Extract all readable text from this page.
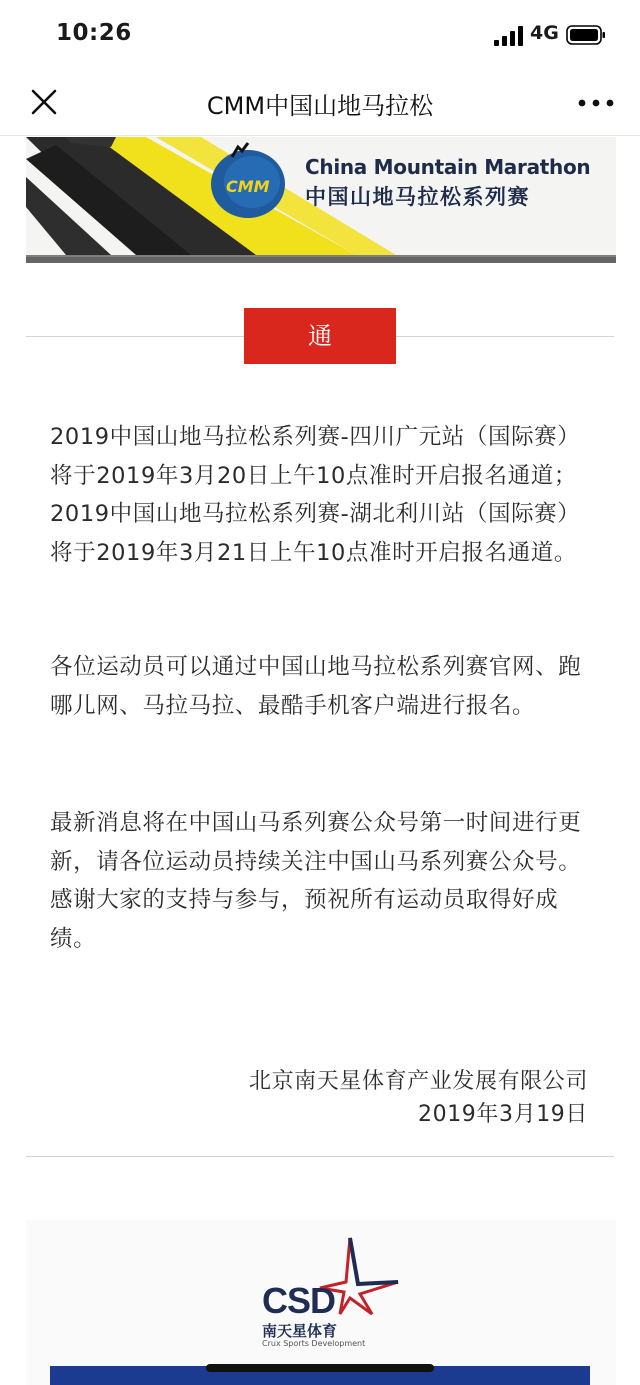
10:26	4G
CMM中国山地马拉松
CMM
China Mountain Marathon
中国山地马拉松系列赛
通 知
2019中国山地马拉松系列赛-四川广元站（国际赛）将于2019年3月20日上午10点准时开启报名通道；2019中国山地马拉松系列赛-湖北利川站（国际赛）将于2019年3月21日上午10点准时开启报名通道。
各位运动员可以通过中国山地马拉松系列赛官网、跑哪儿网、马拉马拉、最酷手机客户端进行报名。
最新消息将在中国山马系列赛公众号第一时间进行更新，请各位运动员持续关注中国山马系列赛公众号。感谢大家的支持与参与，预祝所有运动员取得好成绩。
北京南天星体育产业发展有限公司
2019年3月19日
CSD
南天星体育
Crux Sports Development
